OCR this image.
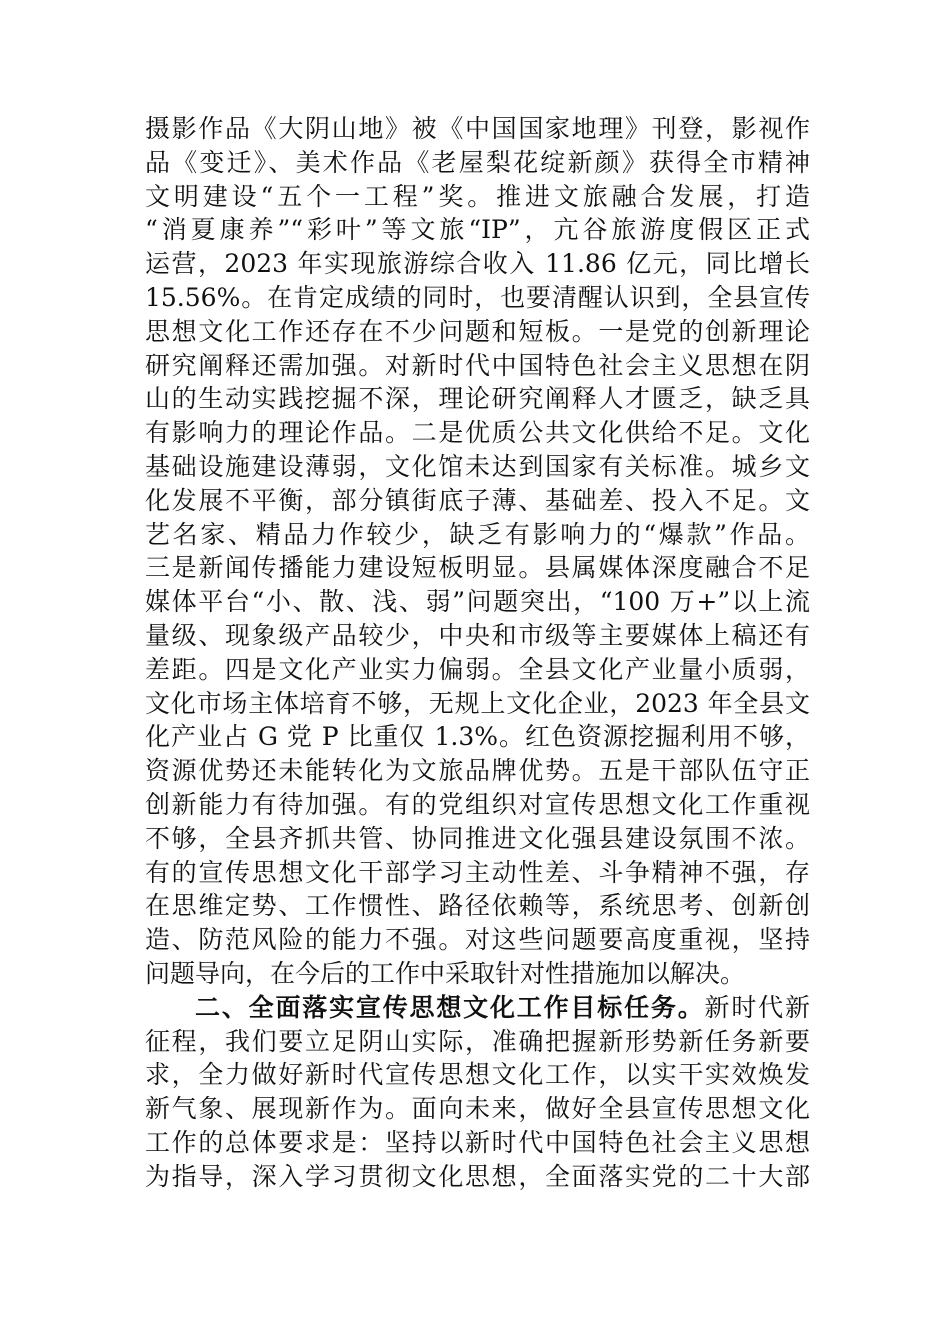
摄影作品《大阴山地》被《中国国家地理》刊登，影视作
品《变迁》、美术作品《老屋梨花绽新颜》获得全市精神
文明建设“五个一工程”奖。推进文旅融合发展，打造
“消夏康养”“彩叶”等文旅“IP”，亢谷旅游度假区正式
运营，2023 年实现旅游综合收入 11.86 亿元，同比增长
15.56%。在肯定成绩的同时，也要清醒认识到，全县宣传
思想文化工作还存在不少问题和短板。一是党的创新理论
研究阐释还需加强。对新时代中国特色社会主义思想在阴
山的生动实践挖掘不深，理论研究阐释人才匮乏，缺乏具
有影响力的理论作品。二是优质公共文化供给不足。文化
基础设施建设薄弱，文化馆未达到国家有关标准。城乡文
化发展不平衡，部分镇街底子薄、基础差、投入不足。文
艺名家、精品力作较少，缺乏有影响力的“爆款”作品。
三是新闻传播能力建设短板明显。县属媒体深度融合不足
媒体平台“小、散、浅、弱”问题突出，“100 万+”以上流
量级、现象级产品较少，中央和市级等主要媒体上稿还有
差距。四是文化产业实力偏弱。全县文化产业量小质弱，
文化市场主体培育不够，无规上文化企业，2023 年全县文
化产业占 G 党 P 比重仅 1.3%。红色资源挖掘利用不够，
资源优势还未能转化为文旅品牌优势。五是干部队伍守正
创新能力有待加强。有的党组织对宣传思想文化工作重视
不够，全县齐抓共管、协同推进文化强县建设氛围不浓。
有的宣传思想文化干部学习主动性差、斗争精神不强，存
在思维定势、工作惯性、路径依赖等，系统思考、创新创
造、防范风险的能力不强。对这些问题要高度重视，坚持
问题导向，在今后的工作中采取针对性措施加以解决。
二、全面落实宣传思想文化工作目标任务。新时代新
征程，我们要立足阴山实际，准确把握新形势新任务新要
求，全力做好新时代宣传思想文化工作，以实干实效焕发
新气象、展现新作为。面向未来，做好全县宣传思想文化
工作的总体要求是：坚持以新时代中国特色社会主义思想
为指导，深入学习贯彻文化思想，全面落实党的二十大部
